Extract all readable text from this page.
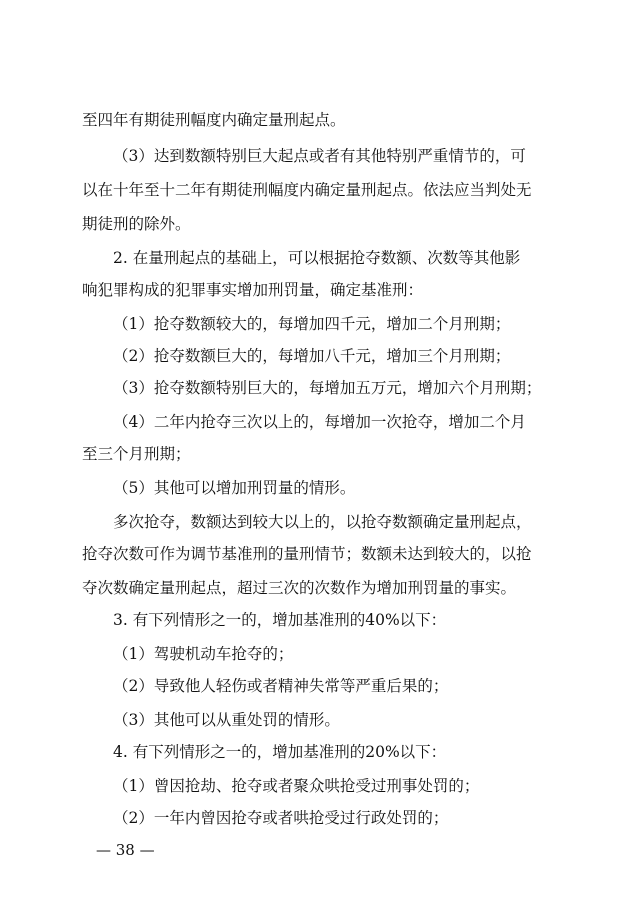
至四年有期徒刑幅度内确定量刑起点。
（3）达到数额特别巨大起点或者有其他特别严重情节的，可
以在十年至十二年有期徒刑幅度内确定量刑起点。依法应当判处无
期徒刑的除外。
2. 在量刑起点的基础上，可以根据抢夺数额、次数等其他影
响犯罪构成的犯罪事实增加刑罚量，确定基准刑：
（1）抢夺数额较大的，每增加四千元，增加二个月刑期；
（2）抢夺数额巨大的，每增加八千元，增加三个月刑期；
（3）抢夺数额特别巨大的，每增加五万元，增加六个月刑期；
（4）二年内抢夺三次以上的，每增加一次抢夺，增加二个月
至三个月刑期；
（5）其他可以增加刑罚量的情形。
多次抢夺，数额达到较大以上的，以抢夺数额确定量刑起点，
抢夺次数可作为调节基准刑的量刑情节；数额未达到较大的，以抢
夺次数确定量刑起点，超过三次的次数作为增加刑罚量的事实。
3. 有下列情形之一的，增加基准刑的40%以下：
（1）驾驶机动车抢夺的；
（2）导致他人轻伤或者精神失常等严重后果的；
（3）其他可以从重处罚的情形。
4. 有下列情形之一的，增加基准刑的20%以下：
（1）曾因抢劫、抢夺或者聚众哄抢受过刑事处罚的；
（2）一年内曾因抢夺或者哄抢受过行政处罚的；
— 38 —
